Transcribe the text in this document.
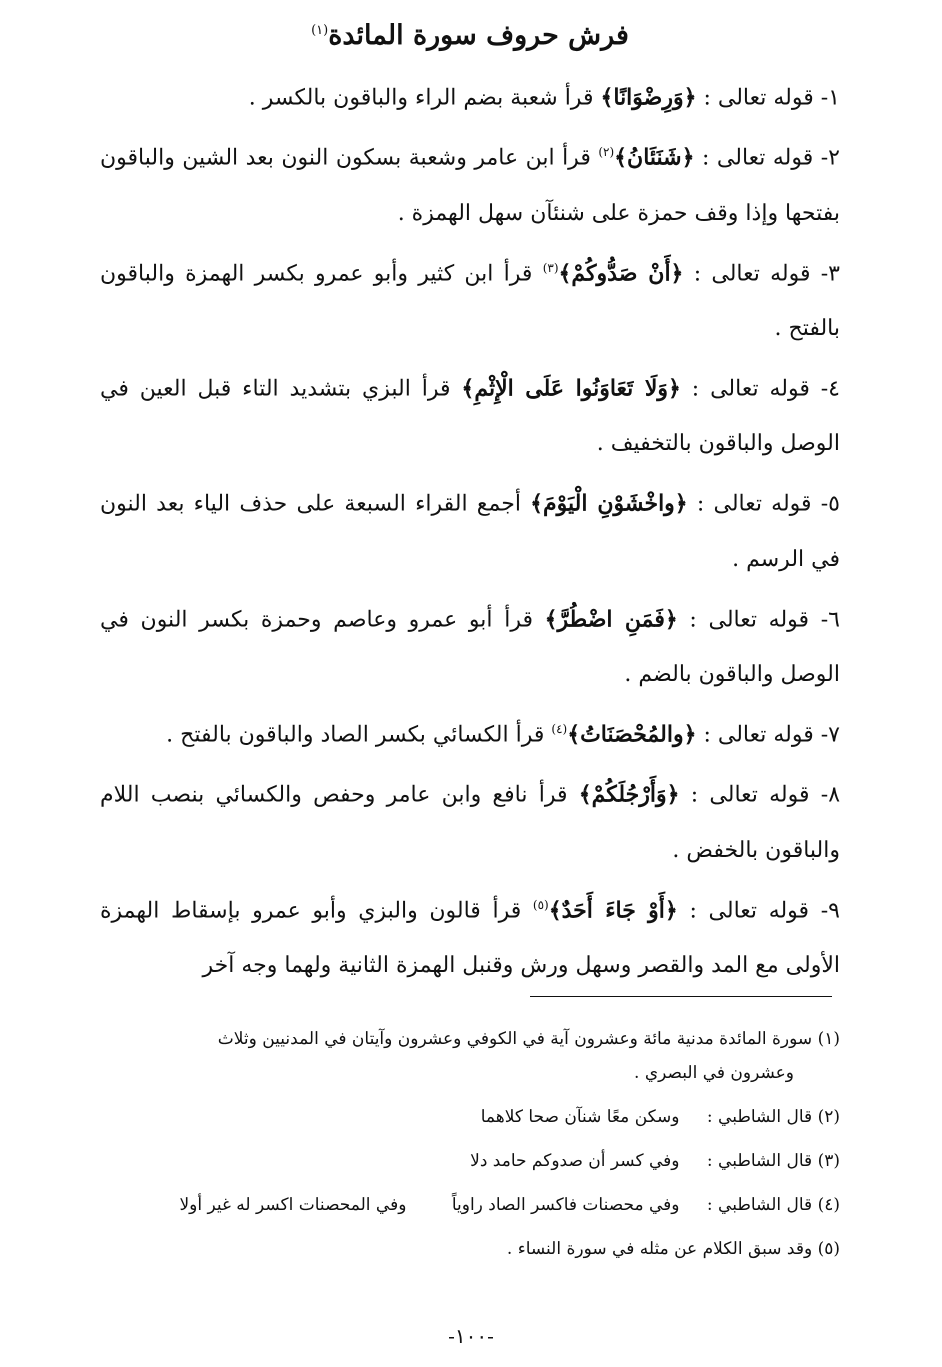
فرش حروف سورة المائدة$^{(١)}$

١- قوله تعالى : ﴿وَرِضْوَانًا﴾ قرأ شعبة بضم الراء والباقون بالكسر .

٢- قوله تعالى : ﴿شَنَئَانُ﴾$^{(٢)}$ قرأ ابن عامر وشعبة بسكون النون بعد الشين والباقون بفتحها وإذا وقف حمزة على شنئآن سهل الهمزة .

٣- قوله تعالى : ﴿أَنْ صَدُّوكُمْ﴾$^{(٣)}$ قرأ ابن كثير وأبو عمرو بكسر الهمزة والباقون بالفتح .

٤- قوله تعالى : ﴿وَلَا تَعَاوَنُوا عَلَى الْإِثْمِ﴾ قرأ البزي بتشديد التاء قبل العين في الوصل والباقون بالتخفيف .

٥- قوله تعالى : ﴿واخْشَوْنِ الْيَوْمَ﴾ أجمع القراء السبعة على حذف الياء بعد النون في الرسم .

٦- قوله تعالى : ﴿فَمَنِ اضْطُرَّ﴾ قرأ أبو عمرو وعاصم وحمزة بكسر النون في الوصل والباقون بالضم .

٧- قوله تعالى : ﴿والمُحْصَنَاتُ﴾$^{(٤)}$ قرأ الكسائي بكسر الصاد والباقون بالفتح .

٨- قوله تعالى : ﴿وَأَرْجُلَكُمْ﴾ قرأ نافع وابن عامر وحفص والكسائي بنصب اللام والباقون بالخفض .

٩- قوله تعالى : ﴿أَوْ جَاءَ أَحَدٌ﴾$^{(٥)}$ قرأ قالون والبزي وأبو عمرو بإسقاط الهمزة الأولى مع المد والقصر وسهل ورش وقنبل الهمزة الثانية ولهما وجه آخر

(١) سورة المائدة مدنية مائة وعشرون آية في الكوفي وعشرون وآيتان في المدنيين وثلاث
وعشرون في البصري .

(٢) قال الشاطبي : وسكن معًا شنآن صحا كلاهما

(٣) قال الشاطبي : وفي كسر أن صدوكم حامد دلا

(٤) قال الشاطبي : وفي محصنات فاكسر الصاد راوياً وفي المحصنات اكسر له غير أولا

(٥) وقد سبق الكلام عن مثله في سورة النساء .

-١٠٠-
